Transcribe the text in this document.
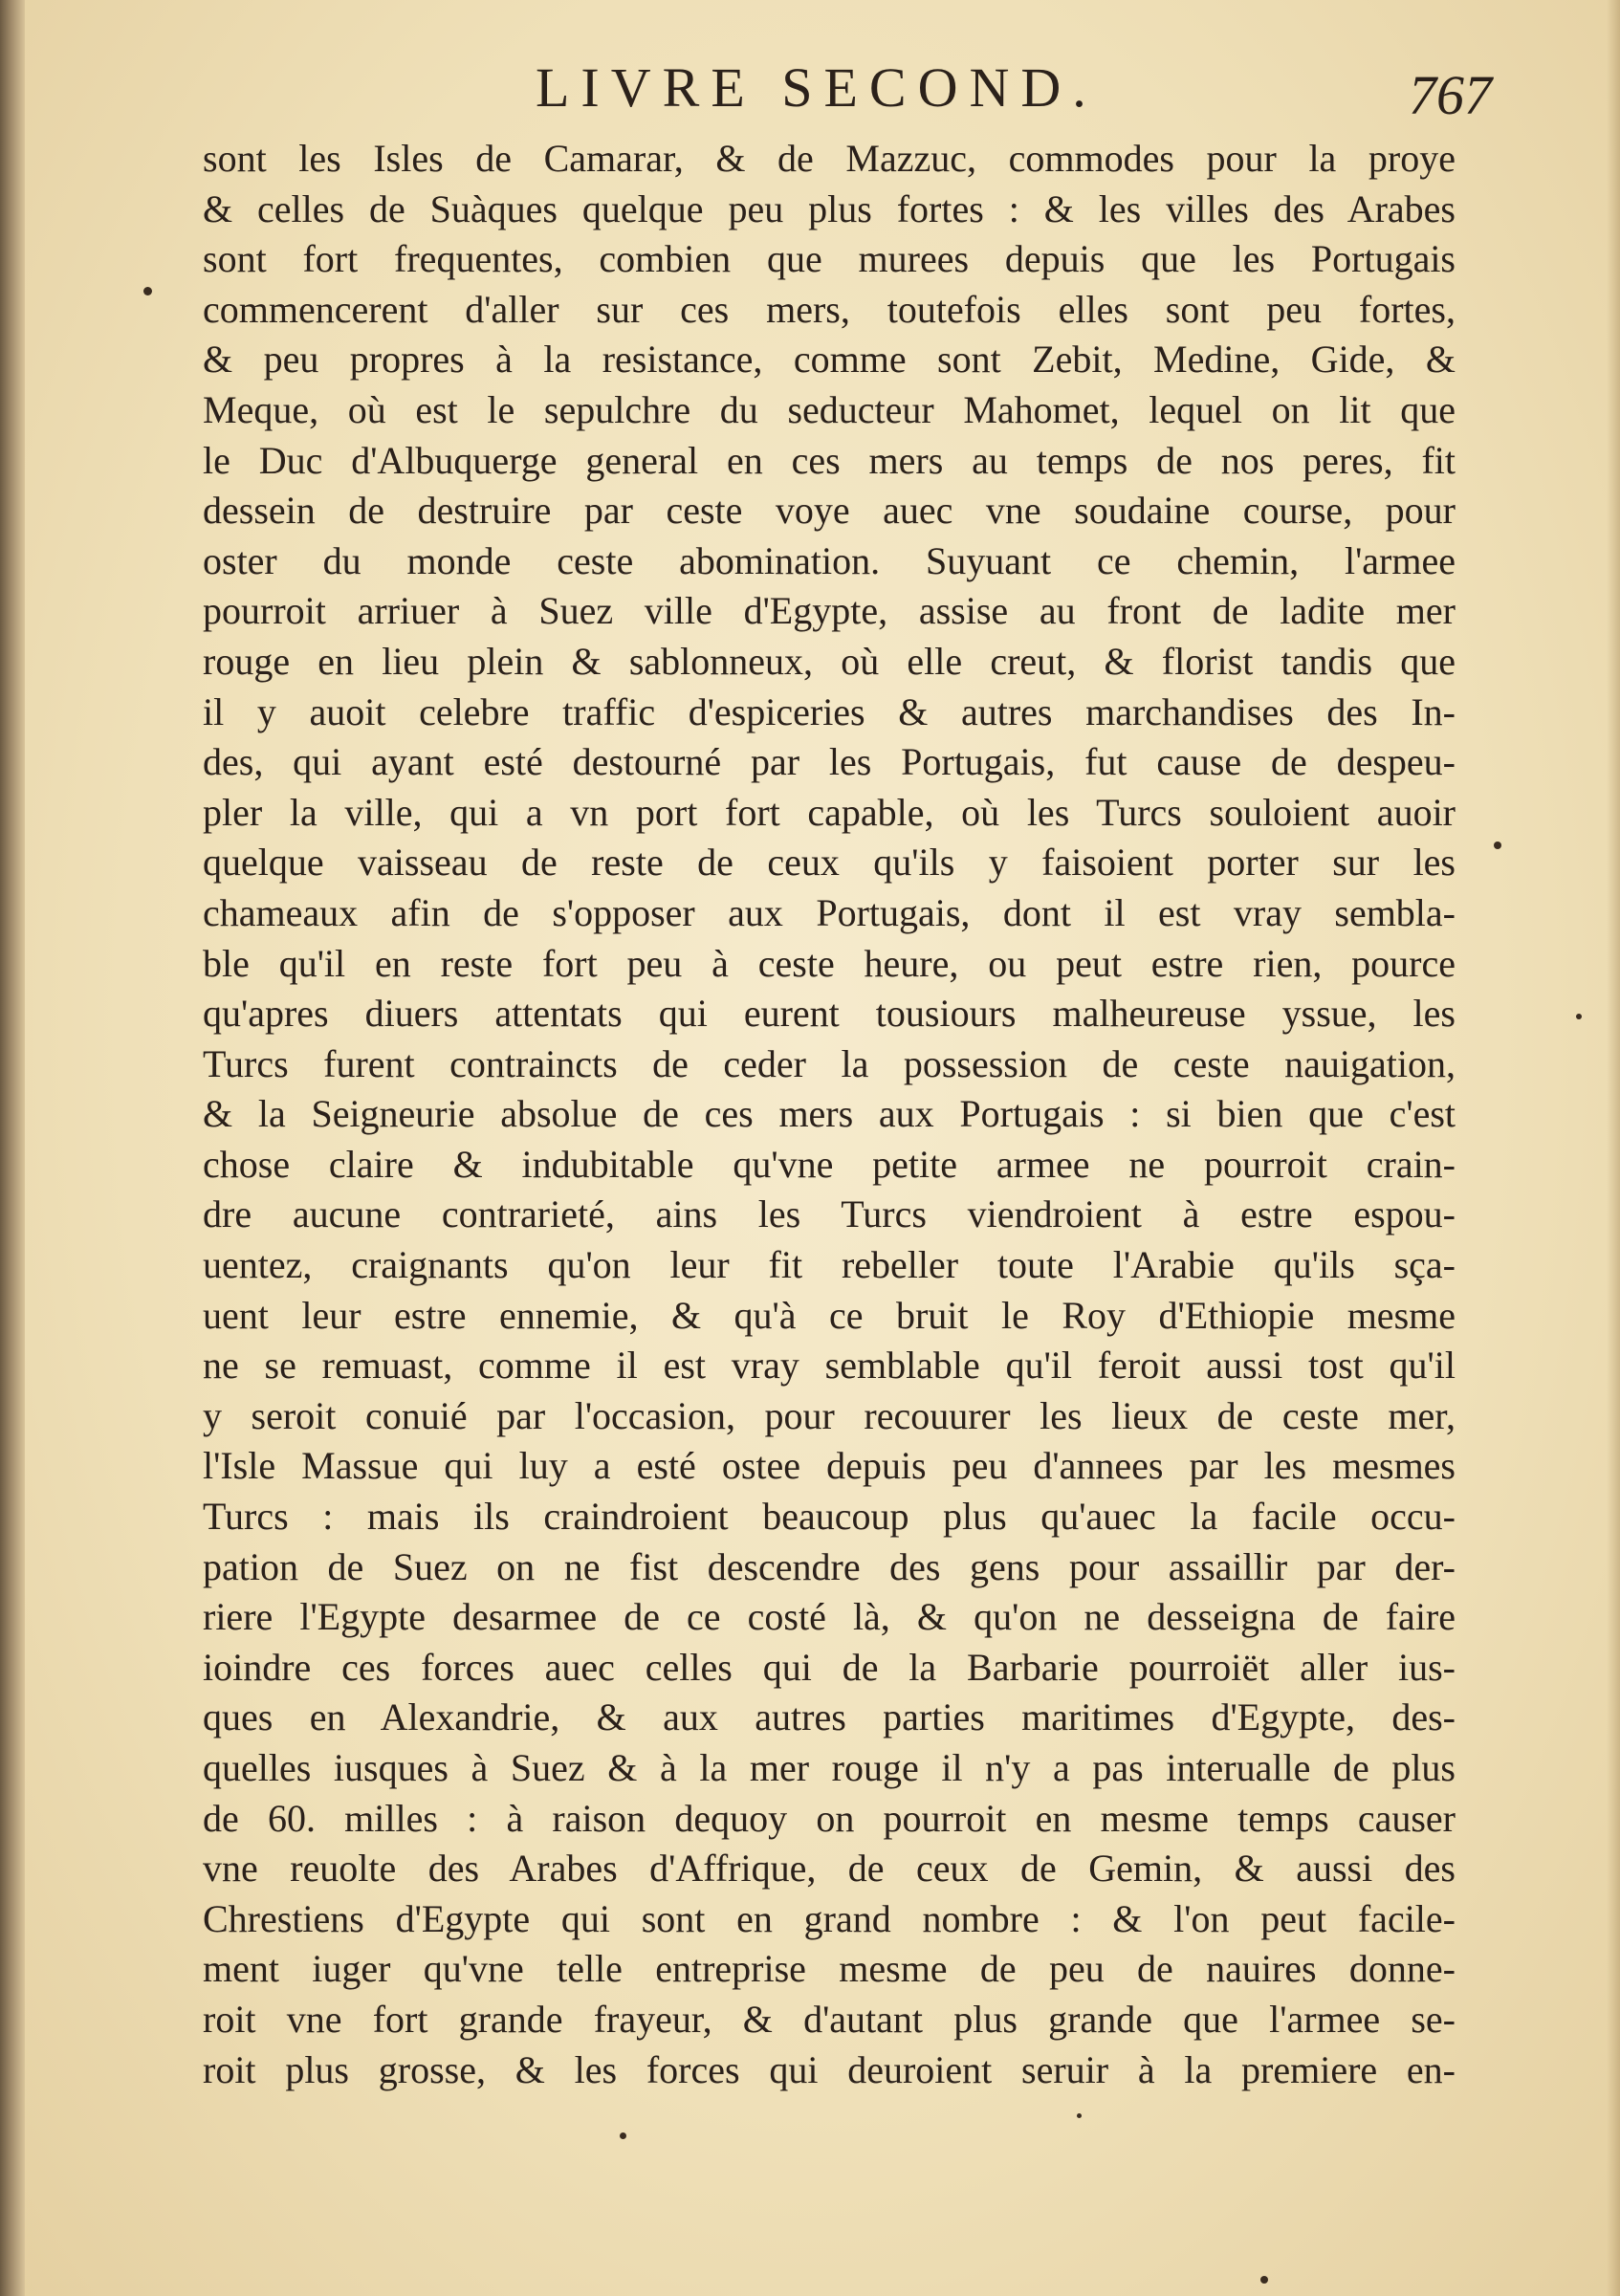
LIVRE SECOND.	767
sont les Isles de Camarar, & de Mazzuc, commodes pour la proye
& celles de Suàques quelque peu plus fortes : & les villes des Arabes
sont fort frequentes, combien que murees depuis que les Portugais
commencerent d'aller sur ces mers, toutefois elles sont peu fortes,
& peu propres à la resistance, comme sont Zebit, Medine, Gide, &
Meque, où est le sepulchre du seducteur Mahomet, lequel on lit que
le Duc d'Albuquerge general en ces mers au temps de nos peres, fit
dessein de destruire par ceste voye auec vne soudaine course, pour
oster du monde ceste abomination. Suyuant ce chemin, l'armee
pourroit arriuer à Suez ville d'Egypte, assise au front de ladite mer
rouge en lieu plein & sablonneux, où elle creut, & florist tandis que
il y auoit celebre traffic d'espiceries & autres marchandises des In-
des, qui ayant esté destourné par les Portugais, fut cause de despeu-
pler la ville, qui a vn port fort capable, où les Turcs souloient auoir
quelque vaisseau de reste de ceux qu'ils y faisoient porter sur les
chameaux afin de s'opposer aux Portugais, dont il est vray sembla-
ble qu'il en reste fort peu à ceste heure, ou peut estre rien, pource
qu'apres diuers attentats qui eurent tousiours malheureuse yssue, les
Turcs furent contraincts de ceder la possession de ceste nauigation,
& la Seigneurie absolue de ces mers aux Portugais : si bien que c'est
chose claire & indubitable qu'vne petite armee ne pourroit crain-
dre aucune contrarieté, ains les Turcs viendroient à estre espou-
uentez, craignants qu'on leur fit rebeller toute l'Arabie qu'ils sça-
uent leur estre ennemie, & qu'à ce bruit le Roy d'Ethiopie mesme
ne se remuast, comme il est vray semblable qu'il feroit aussi tost qu'il
y seroit conuié par l'occasion, pour recouurer les lieux de ceste mer,
l'Isle Massue qui luy a esté ostee depuis peu d'annees par les mesmes
Turcs : mais ils craindroient beaucoup plus qu'auec la facile occu-
pation de Suez on ne fist descendre des gens pour assaillir par der-
riere l'Egypte desarmee de ce costé là, & qu'on ne desseigna de faire
ioindre ces forces auec celles qui de la Barbarie pourroiët aller ius-
ques en Alexandrie, & aux autres parties maritimes d'Egypte, des-
quelles iusques à Suez & à la mer rouge il n'y a pas interualle de plus
de 60. milles : à raison dequoy on pourroit en mesme temps causer
vne reuolte des Arabes d'Affrique, de ceux de Gemin, & aussi des
Chrestiens d'Egypte qui sont en grand nombre : & l'on peut facile-
ment iuger qu'vne telle entreprise mesme de peu de nauires donne-
roit vne fort grande frayeur, & d'autant plus grande que l'armee se-
roit plus grosse, & les forces qui deuroient seruir à la premiere en-
